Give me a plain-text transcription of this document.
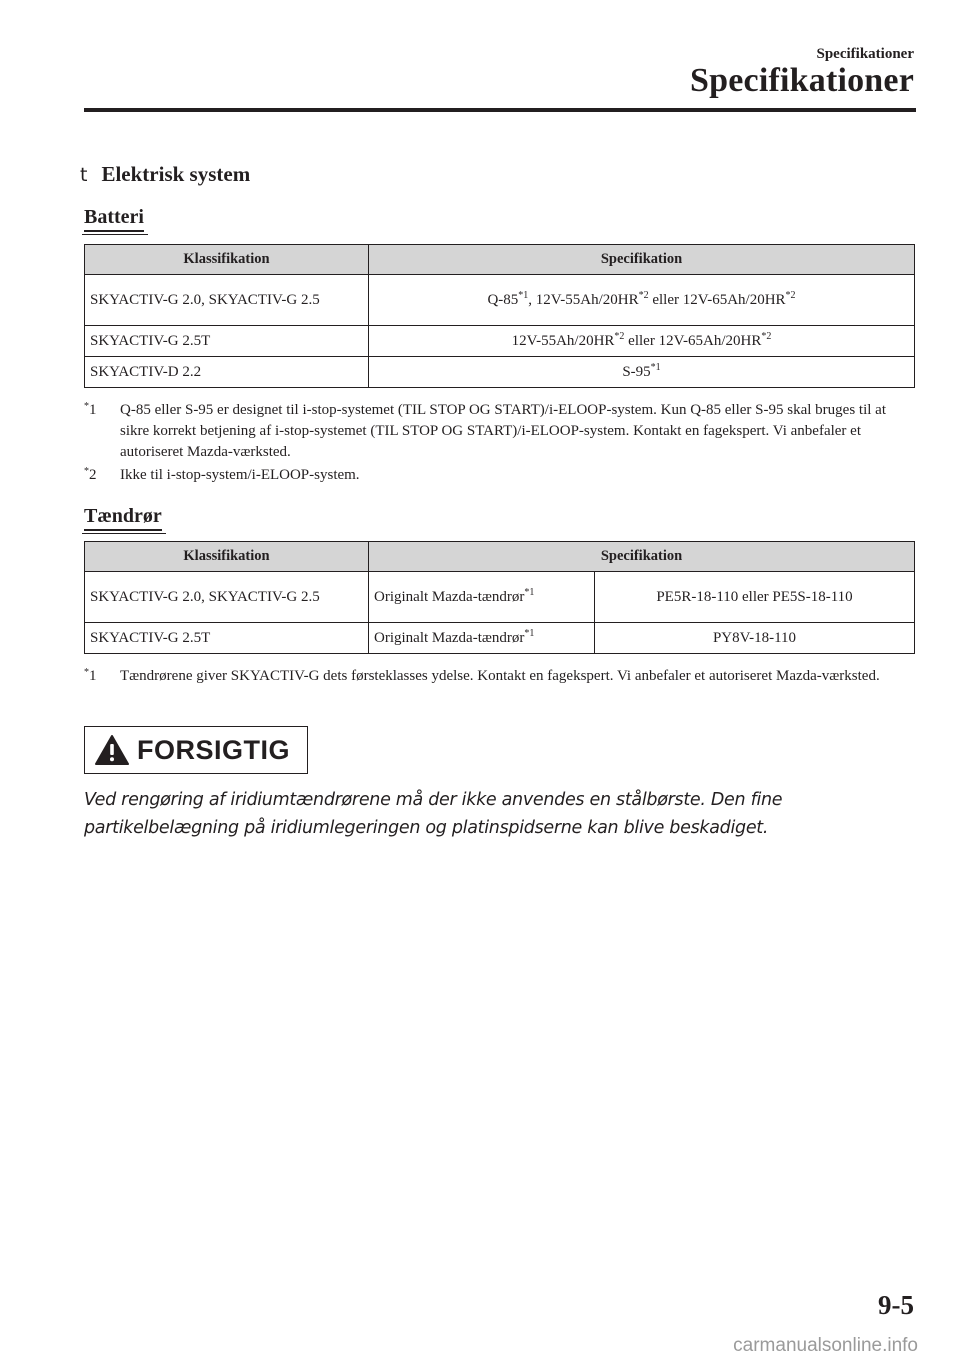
Specifikationer
Specifikationer
t Elektrisk system
Batteri
Klassifikation	Specifikation
SKYACTIV-G 2.0, SKYACTIV-G 2.5	Q-85$^{*1}$, 12V-55Ah/20HR$^{*2}$ eller 12V-65Ah/20HR$^{*2}$
SKYACTIV-G 2.5T	12V-55Ah/20HR$^{*2}$ eller 12V-65Ah/20HR$^{*2}$
SKYACTIV-D 2.2	S-95$^{*1}$
*1	Q-85 eller S-95 er designet til i-stop-systemet (TIL STOP OG START)/i-ELOOP-system. Kun Q-85 eller S-95 skal bruges til at sikre korrekt betjening af i-stop-systemet (TIL STOP OG START)/i-ELOOP-system. Kontakt en fagekspert. Vi anbefaler et autoriseret Mazda-værksted.
*2	Ikke til i-stop-system/i-ELOOP-system.
Tændrør
Klassifikation	Specifikation	
SKYACTIV-G 2.0, SKYACTIV-G 2.5	Originalt Mazda-tændrør$^{*1}$	PE5R-18-110 eller PE5S-18-110
SKYACTIV-G 2.5T	Originalt Mazda-tændrør$^{*1}$	PY8V-18-110
*1	Tændrørene giver SKYACTIV-G dets førsteklasses ydelse. Kontakt en fagekspert. Vi anbefaler et autoriseret Mazda-værksted.
FORSIGTIG
Ved rengøring af iridiumtændrørene må der ikke anvendes en stålbørste. Den fine partikelbelægning på iridiumlegeringen og platinspidserne kan blive beskadiget.
9-5
carmanualsonline.info
